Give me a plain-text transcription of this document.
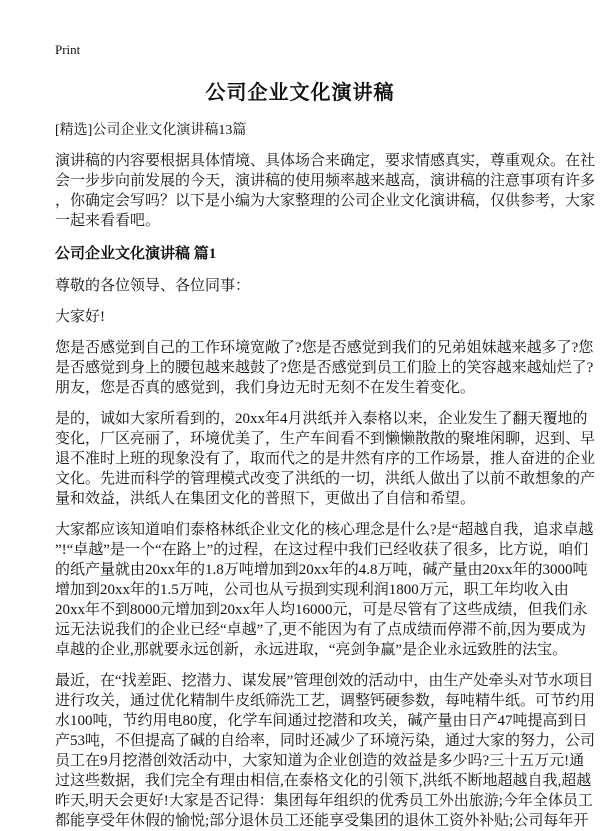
Print
公司企业文化演讲稿
[精选]公司企业文化演讲稿13篇

演讲稿的内容要根据具体情境、具体场合来确定，要求情感真实，尊重观众。在社
会一步步向前发展的今天，演讲稿的使用频率越来越高，演讲稿的注意事项有许多
，你确定会写吗？以下是小编为大家整理的公司企业文化演讲稿，仅供参考，大家
一起来看看吧。

公司企业文化演讲稿 篇1

尊敬的各位领导、各位同事：

大家好!

您是否感觉到自己的工作环境宽敞了?您是否感觉到我们的兄弟姐妹越来越多了?您
是否感觉到身上的腰包越来越鼓了?您是否感觉到员工们脸上的笑容越来越灿烂了?
朋友，您是否真的感觉到，我们身边无时无刻不在发生着变化。

是的，诚如大家所看到的，20xx年4月洪纸并入泰格以来，企业发生了翻天覆地的
变化，厂区亮丽了，环境优美了，生产车间看不到懒懒散散的聚堆闲聊，迟到、早
退不准时上班的现象没有了，取而代之的是井然有序的工作场景，推人奋进的企业
文化。先进而科学的管理模式改变了洪纸的一切，洪纸人做出了以前不敢想象的产
量和效益，洪纸人在集团文化的普照下，更做出了自信和希望。

大家都应该知道咱们泰格林纸企业文化的核心理念是什么?是“超越自我，追求卓越
”!“卓越”是一个“在路上”的过程，在这过程中我们已经收获了很多，比方说，咱们
的纸产量就由20xx年的1.8万吨增加到20xx年的4.8万吨，碱产量由20xx年的3000吨
增加到20xx年的1.5万吨，公司也从亏损到实现利润1800万元，职工年均收入由
20xx年不到8000元增加到20xx年人均16000元，可是尽管有了这些成绩，但我们永
远无法说我们的企业已经“卓越”了,更不能因为有了点成绩而停滞不前,因为要成为
卓越的企业,那就要永远创新，永远进取，“亮剑争赢”是企业永远致胜的法宝。

最近，在“找差距、挖潜力、谋发展”管理创效的活动中，由生产处牵头对节水项目
进行攻关，通过优化精制牛皮纸筛洗工艺，调整钙硬参数，每吨精牛纸。可节约用
水100吨，节约用电80度，化学车间通过挖潜和攻关，碱产量由日产47吨提高到日
产53吨，不但提高了碱的自给率，同时还减少了环境污染，通过大家的努力，公司
员工在9月挖潜创效活动中，大家知道为企业创造的效益是多少吗?三十五万元!通
过这些数据，我们完全有理由相信,在泰格文化的引领下,洪纸不断地超越自我,超越
昨天,明天会更好!大家是否记得：集团每年组织的优秀员工外出旅游;今年全体员工
都能享受年休假的愉悦;部分退休员工还能享受集团的退休工资外补贴;公司每年开
